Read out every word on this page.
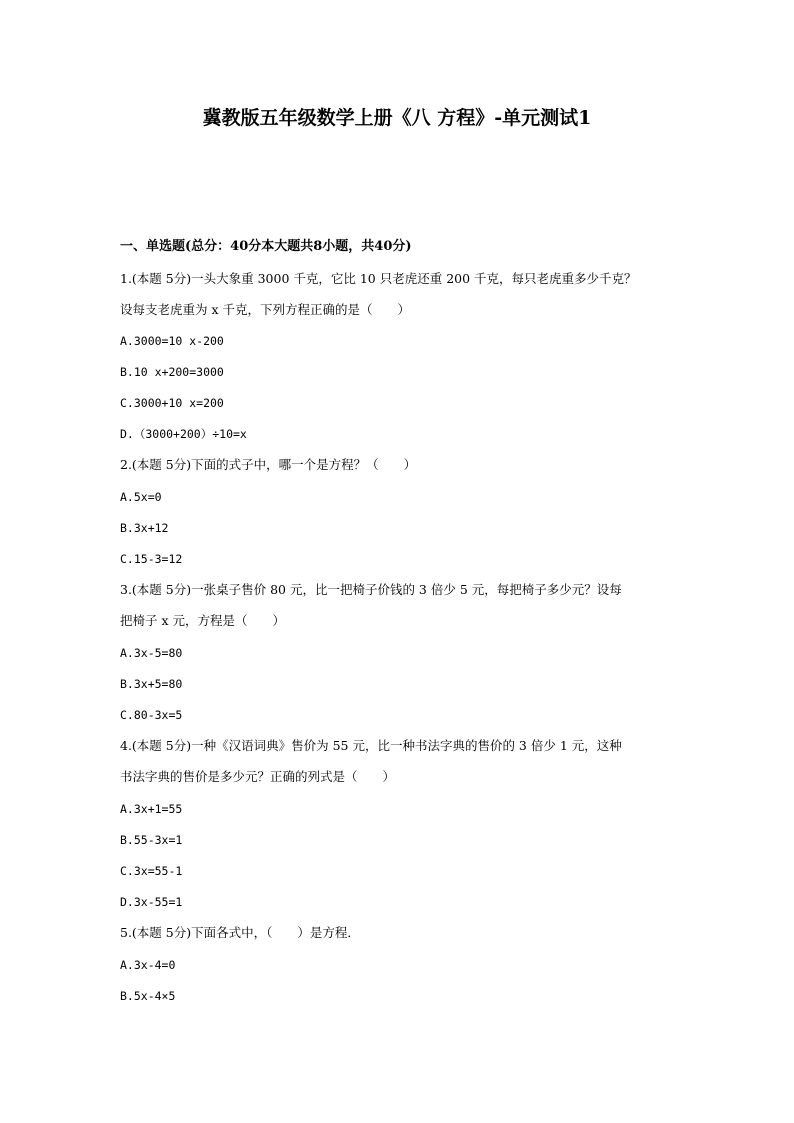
冀教版五年级数学上册《八 方程》-单元测试1
一、单选题(总分：40分本大题共8小题，共40分)
1.(本题 5分)一头大象重 3000 千克，它比 10 只老虎还重 200 千克，每只老虎重多少千克？
设每支老虎重为 x 千克，下列方程正确的是（　　）
A.3000=10 x-200
B.10 x+200=3000
C.3000+10 x=200
D.（3000+200）÷10=x
2.(本题 5分)下面的式子中，哪一个是方程？（　　）
A.5x=0
B.3x+12
C.15-3=12
3.(本题 5分)一张桌子售价 80 元，比一把椅子价钱的 3 倍少 5 元，每把椅子多少元？设每
把椅子 x 元，方程是（　　）
A.3x-5=80
B.3x+5=80
C.80-3x=5
4.(本题 5分)一种《汉语词典》售价为 55 元，比一种书法字典的售价的 3 倍少 1 元，这种
书法字典的售价是多少元？正确的列式是（　　）
A.3x+1=55
B.55-3x=1
C.3x=55-1
D.3x-55=1
5.(本题 5分)下面各式中，（　　）是方程．
A.3x-4=0
B.5x-4×5
